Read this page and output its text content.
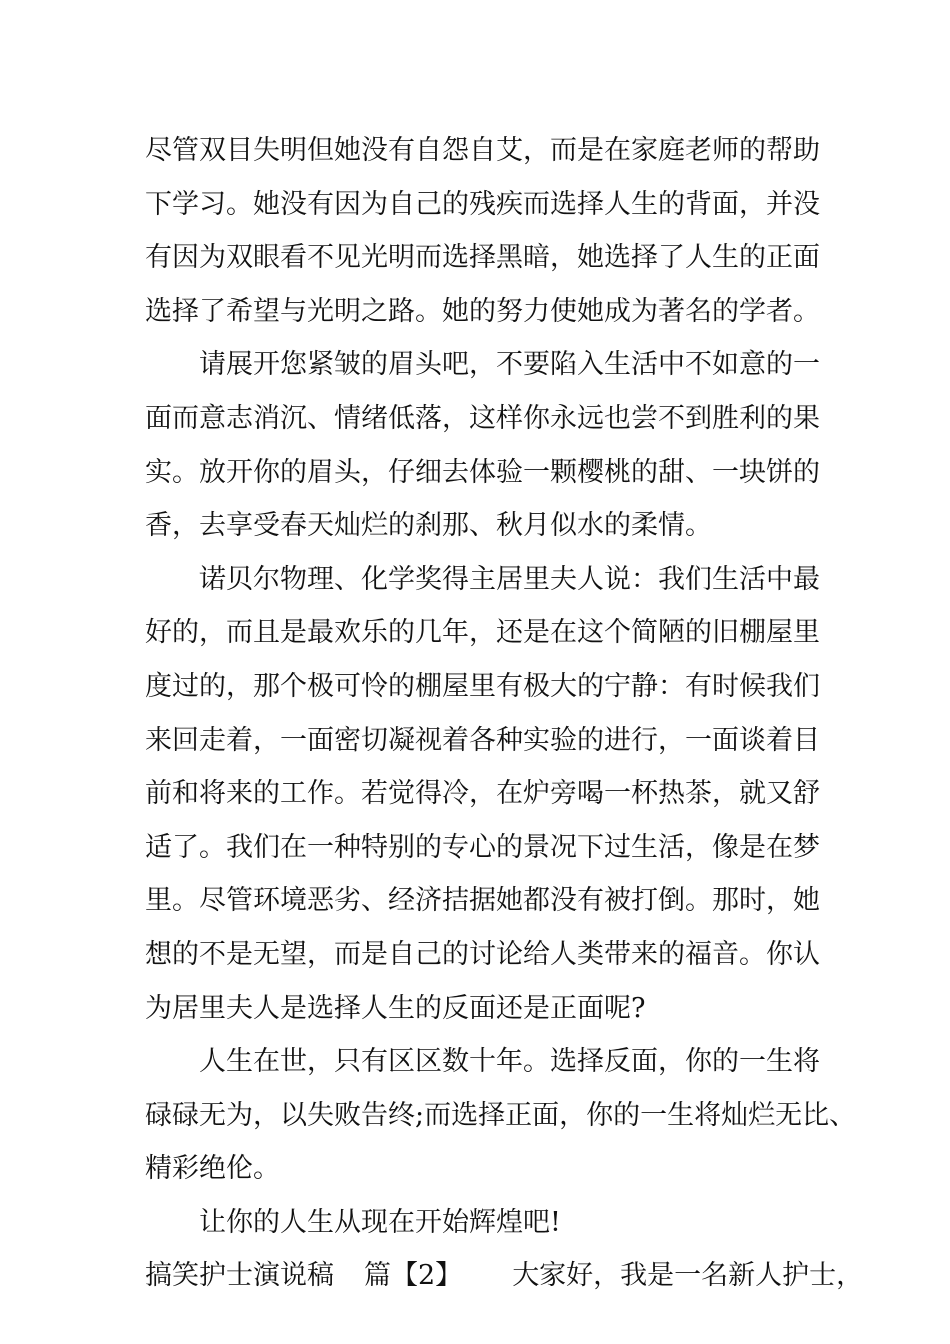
尽管双目失明但她没有自怨自艾，而是在家庭老师的帮助
下学习。她没有因为自己的残疾而选择人生的背面，并没
有因为双眼看不见光明而选择黑暗，她选择了人生的正面
选择了希望与光明之路。她的努力使她成为著名的学者。
请展开您紧皱的眉头吧，不要陷入生活中不如意的一
面而意志消沉、情绪低落，这样你永远也尝不到胜利的果
实。放开你的眉头，仔细去体验一颗樱桃的甜、一块饼的
香，去享受春天灿烂的刹那、秋月似水的柔情。
诺贝尔物理、化学奖得主居里夫人说：我们生活中最
好的，而且是最欢乐的几年，还是在这个简陋的旧棚屋里
度过的，那个极可怜的棚屋里有极大的宁静：有时候我们
来回走着，一面密切凝视着各种实验的进行，一面谈着目
前和将来的工作。若觉得冷，在炉旁喝一杯热茶，就又舒
适了。我们在一种特别的专心的景况下过生活，像是在梦
里。尽管环境恶劣、经济拮据她都没有被打倒。那时，她
想的不是无望，而是自己的讨论给人类带来的福音。你认
为居里夫人是选择人生的反面还是正面呢?
人生在世，只有区区数十年。选择反面，你的一生将
碌碌无为，以失败告终;而选择正面，你的一生将灿烂无比、
精彩绝伦。
让你的人生从现在开始辉煌吧!
搞笑护士演说稿 篇【2】 大家好，我是一名新人护士，
